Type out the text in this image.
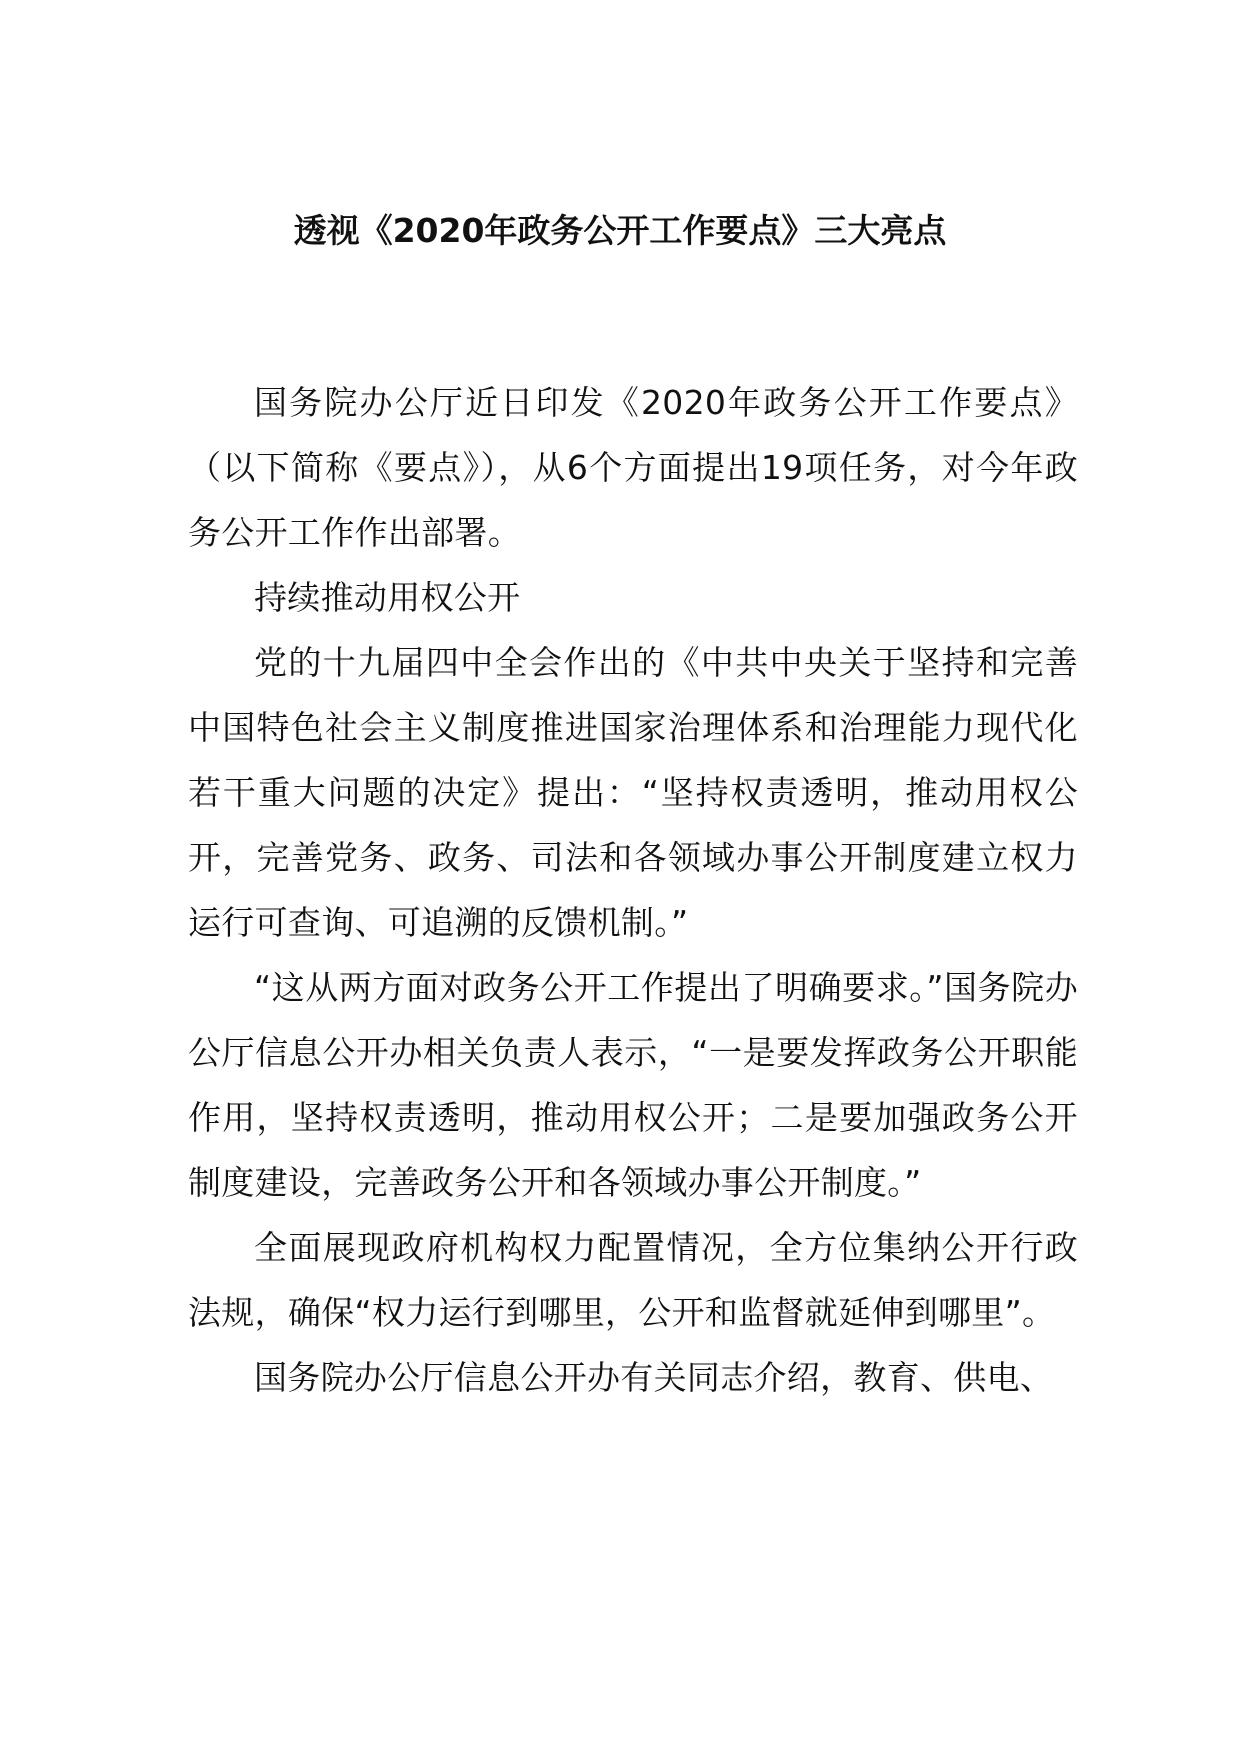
透视《2020年政务公开工作要点》三大亮点

国务院办公厅近日印发《2020年政务公开工作要点》（以下简称《要点》），从6个方面提出19项任务，对今年政务公开工作作出部署。

持续推动用权公开

党的十九届四中全会作出的《中共中央关于坚持和完善中国特色社会主义制度推进国家治理体系和治理能力现代化若干重大问题的决定》提出：“坚持权责透明，推动用权公开，完善党务、政务、司法和各领域办事公开制度建立权力运行可查询、可追溯的反馈机制。”

“这从两方面对政务公开工作提出了明确要求。”国务院办公厅信息公开办相关负责人表示，“一是要发挥政务公开职能作用，坚持权责透明，推动用权公开；二是要加强政务公开制度建设，完善政务公开和各领域办事公开制度。”

全面展现政府机构权力配置情况，全方位集纳公开行政法规，确保“权力运行到哪里，公开和监督就延伸到哪里”。

国务院办公厅信息公开办有关同志介绍，教育、供电、
